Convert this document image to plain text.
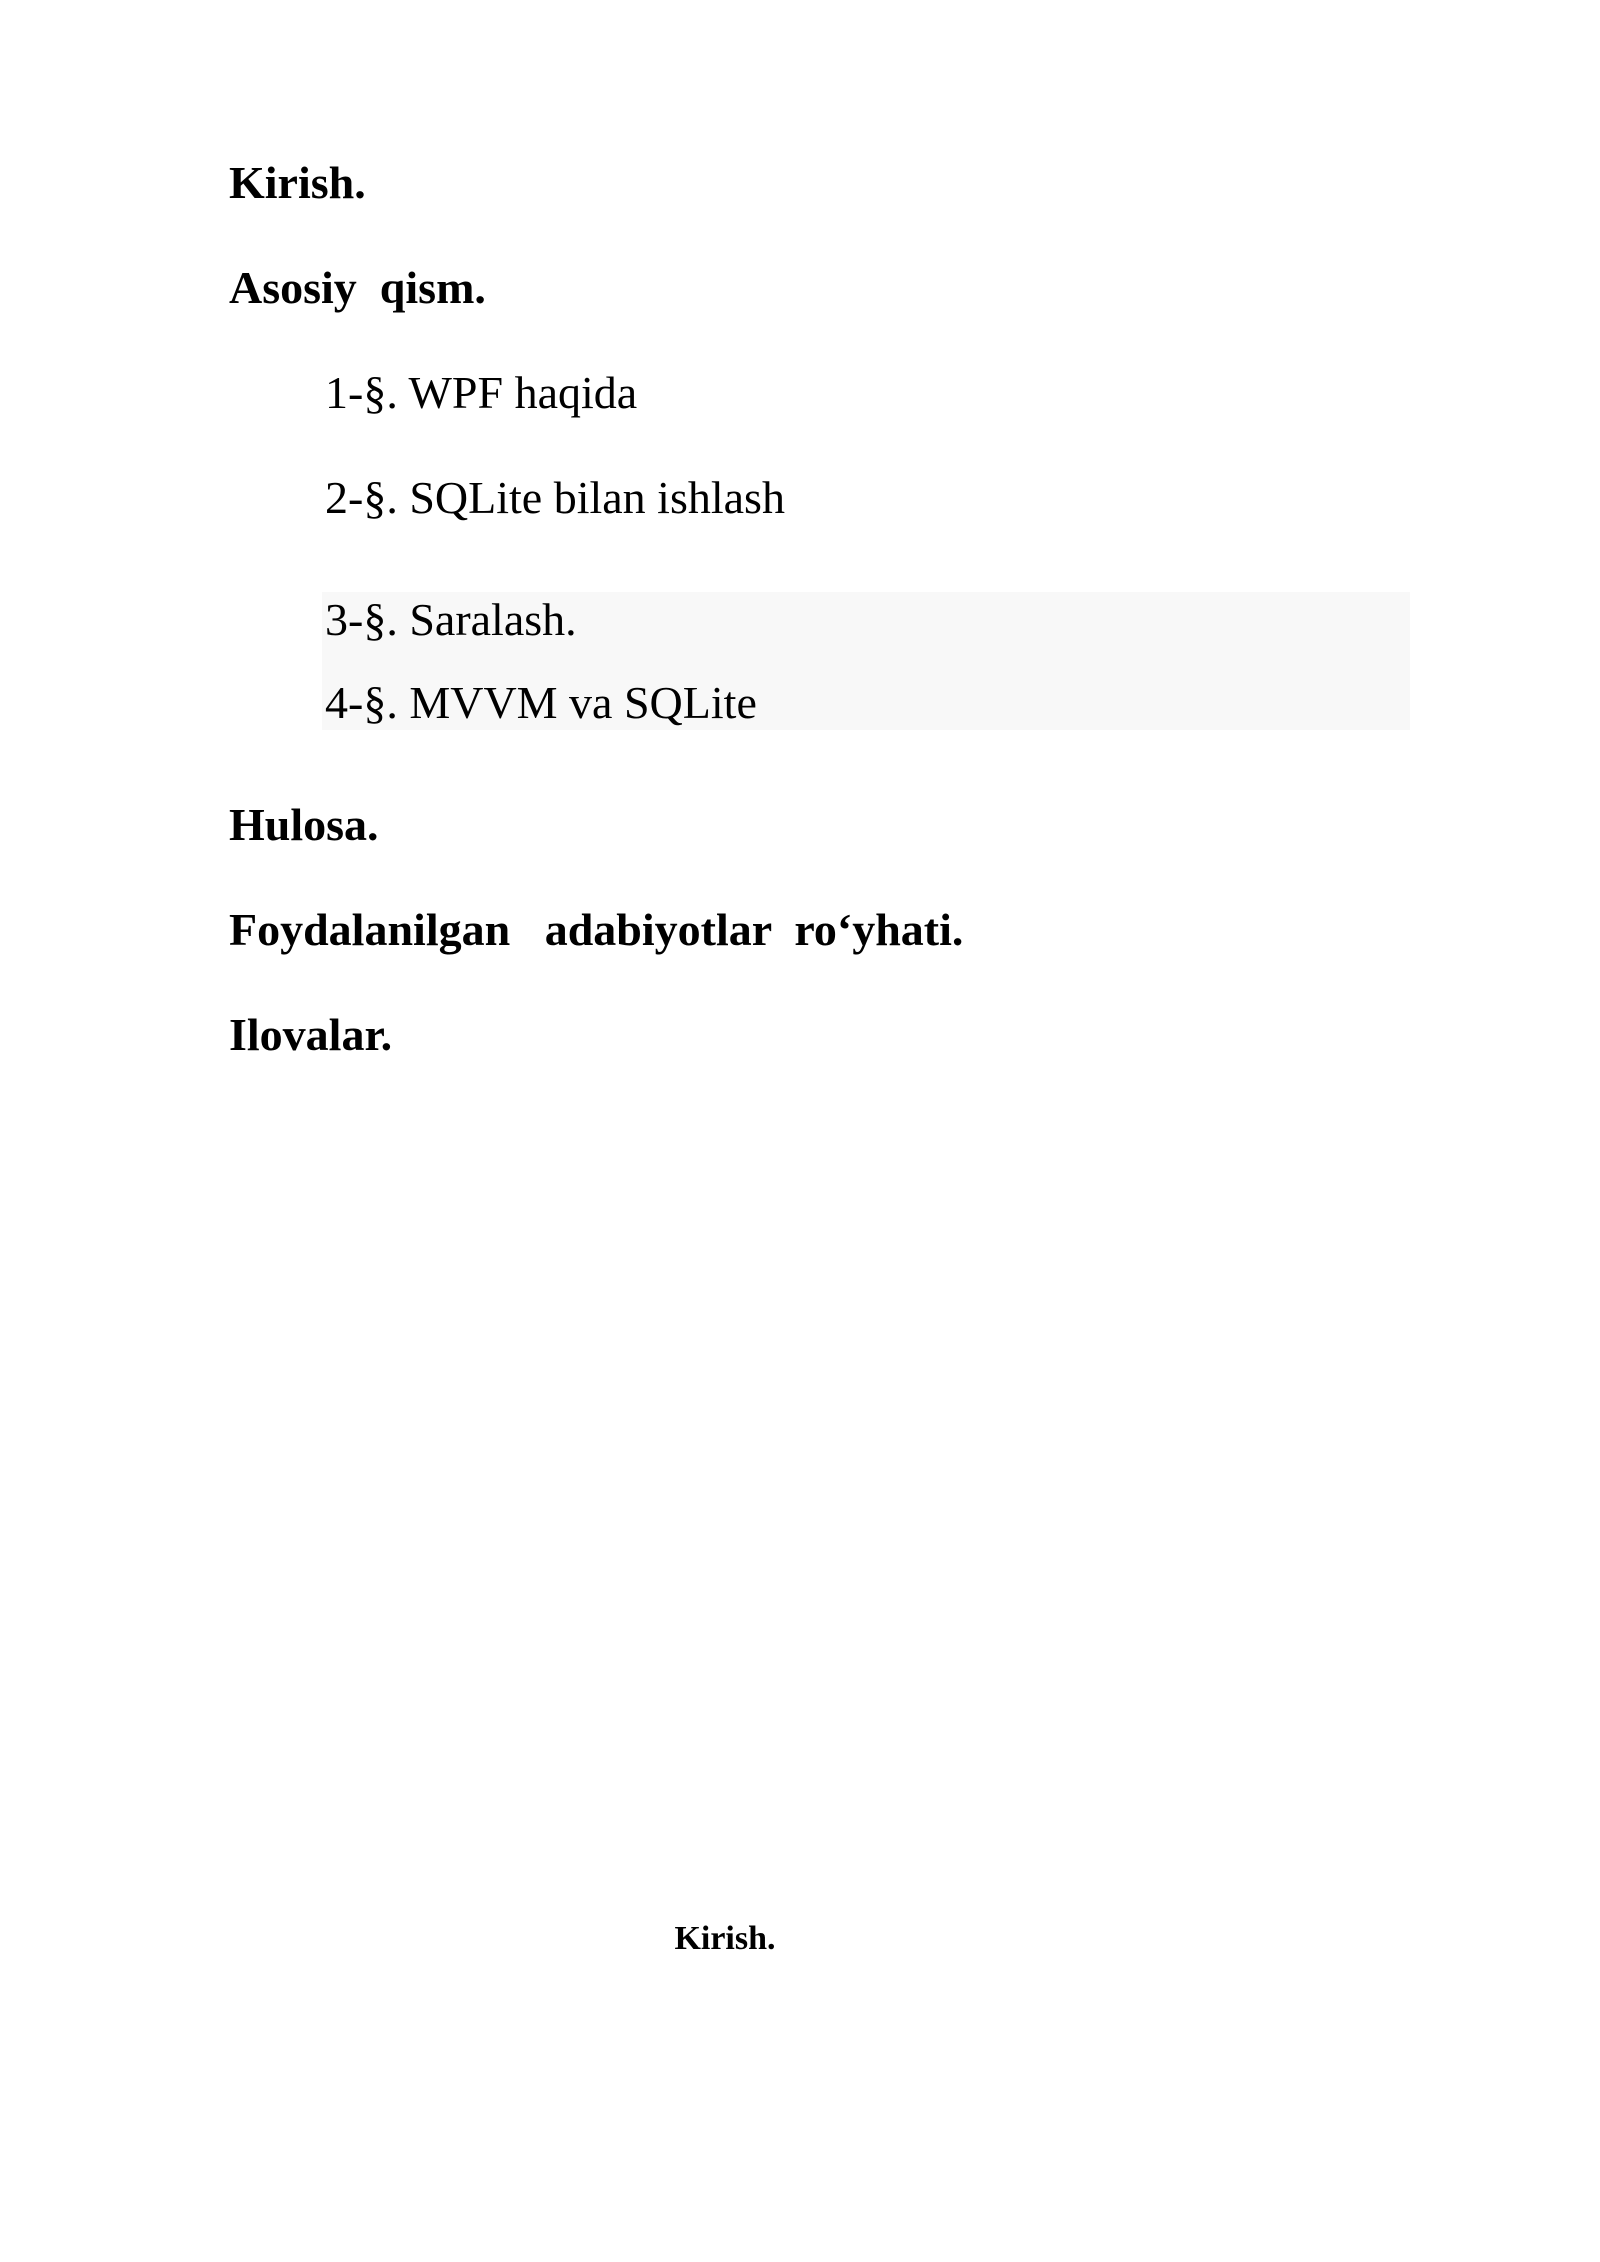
Kirish.
Asosiy  qism.
1-§. WPF haqida
2-§. SQLite bilan ishlash
3-§. Saralash.
4-§. MVVM va SQLite
Hulosa.
Foydalanilgan   adabiyotlar  ro‘yhati.
Ilovalar.
Kirish.
